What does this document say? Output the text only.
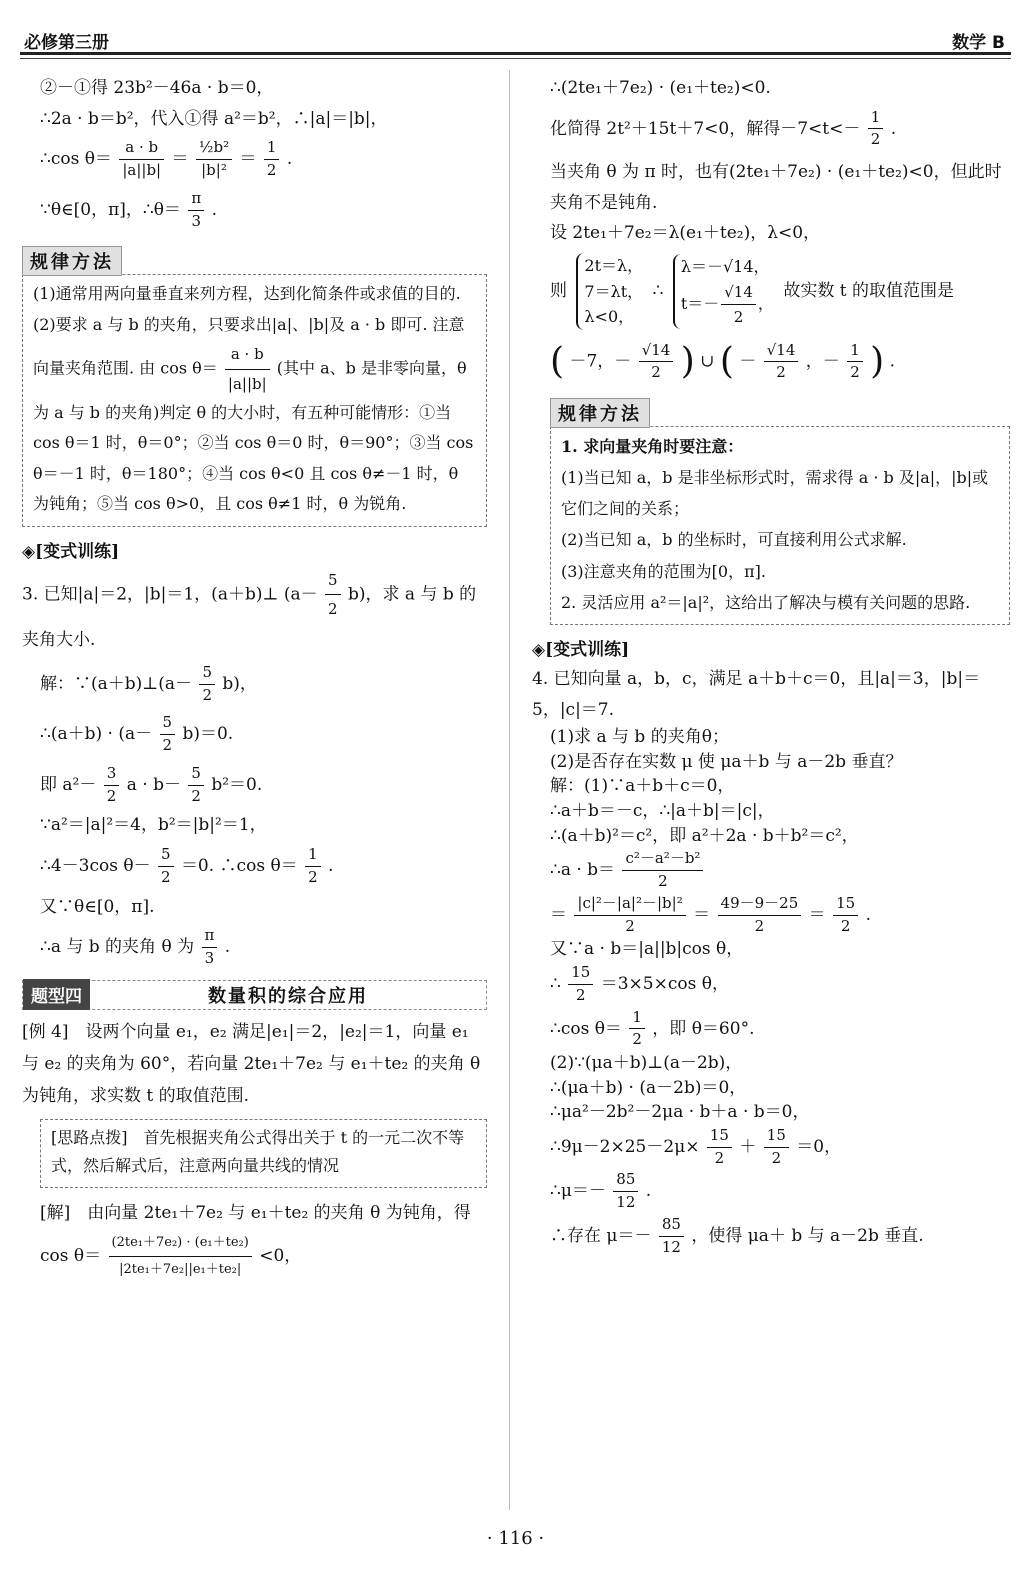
必修第三册	数学 B

②－①得 23b²－46a · b＝0，

∴2a · b＝b²，代入①得 a²＝b²，∴|a|＝|b|，

∴cos $\theta= \frac{a \cdot b}{|a||b|} = \frac{\text{½b²}}{\text{|b|²}} = \frac{1}{2}$ .

∵θ∈[0，π]，∴θ＝ $\frac{\pi}{3}$ .

规律方法

(1)通常用两向量垂直来列方程，达到化简条件或求值的目的.

(2)要求 a 与 b 的夹角，只要求出|a|、|b|及 a · b 即可. 注意向量夹角范围. 由 $\cos \theta= \frac{a \cdot b}{|a||b|}$ (其中 a、b 是非零向量，θ 为 a 与 b 的夹角)判定 θ 的大小时，有五种可能情形：①当 cos θ＝1 时，θ＝0°；②当 cos θ＝0 时，θ＝90°；③当 cos θ＝－1 时，θ＝180°；④当 cos θ<0 且 cos θ≠－1 时，θ 为钝角；⑤当 cos θ>0，且 cos θ≠1 时，θ 为锐角.

◈[变式训练]

3. 已知|a|＝2，|b|＝1，(a＋b)⊥ $(a- \frac{5}{2} b)$，求 a 与 b 的夹角大小.

解：∵(a＋b)⊥(a－ $\frac{5}{2} b$)，

∴(a＋b) · $(a- \frac{5}{2} b)=0$.

即 $a^2- \frac{3}{2}$ $a \cdot b- \frac{5}{2} b^2=0$.

∵a²＝|a|²＝4，b²＝|b|²＝1，

∴4－3cos $\theta- \frac{5}{2} =0$. ∴cos $\theta= \frac{1}{2}$ .

又∵θ∈[0，π].

∴a 与 b 的夹角 θ 为 $\frac{\pi}{3}$ .

题型四	数量积的综合应用

[例 4]　设两个向量 e₁，e₂ 满足|e₁|＝2，|e₂|＝1，向量 e₁ 与 e₂ 的夹角为 60°，若向量 2te₁＋7e₂ 与 e₁＋te₂ 的夹角 θ 为钝角，求实数 t 的取值范围.

[思路点拨]　首先根据夹角公式得出关于 t 的一元二次不等式，然后解式后，注意两向量共线的情况

[解]　由向量 2te₁＋7e₂ 与 e₁＋te₂ 的夹角 θ 为钝角，得 $\cos \theta= \frac{\text{(2te₁＋7e₂) · (e₁＋te₂)}}{\text{|2te₁＋7e₂||e₁＋te₂|}} <0$，

∴(2te₁＋7e₂) · (e₁＋te₂)<0.

化简得 2t²＋15t＋7<0，解得$-7<t<- \frac{1}{2}$ .

当夹角 θ 为 π 时，也有(2te₁＋7e₂) · (e₁＋te₂)<0，但此时夹角不是钝角.

设 2te₁＋7e₂＝λ(e₁＋te₂)，λ<0，

则
2t＝λ，
7＝λt，
λ<0，
∴
λ＝－√14，
$t=- \frac{√14}{2}$ ，
故实数 t 的取值范围是

( －7，－ $\frac{√14}{2}$ ) ∪ ( － $\frac{√14}{2}$ ，－ $\frac{1}{2}$ ) .

规律方法

1. 求向量夹角时要注意：

(1)当已知 a，b 是非坐标形式时，需求得 a · b 及|a|，|b|或它们之间的关系；

(2)当已知 a，b 的坐标时，可直接利用公式求解.

(3)注意夹角的范围为[0，π].

2. 灵活应用 a²＝|a|²，这给出了解决与模有关问题的思路.

◈[变式训练]

4. 已知向量 a，b，c，满足 a＋b＋c＝0，且|a|＝3，|b|＝5，|c|＝7.

(1)求 a 与 b 的夹角θ；

(2)是否存在实数 μ 使 μa＋b 与 a－2b 垂直？

解：(1)∵a＋b＋c＝0，

∴a＋b＝－c，∴|a＋b|＝|c|，

∴(a＋b)²＝c²，即 a²＋2a · b＋b²＝c²，

∴a · $b= \frac{\text{c²－a²－b²}}{2}$

＝ $\frac{\text{|c|²－|a|²－|b|²}}{2} = \frac{49-9-25}{2} = \frac{15}{2}$ .

又∵a · b＝|a||b|cos θ，

∴ $\frac{15}{2} =3\times 5\times\cos$ θ，

∴cos $\theta= \frac{1}{2}$ ，即 θ＝60°.

(2)∵(μa＋b)⊥(a－2b)，

∴(μa＋b) · (a－2b)＝0，

∴μa²－2b²－2μa · b＋a · b＝0，

∴9μ－2×25－2μ× $\frac{15}{2} + \frac{15}{2} =0$，

∴μ＝－ $\frac{85}{12}$ .

∴存在 $\mu=- \frac{85}{12}$ ，使得 μa＋ b 与 a－2b 垂直.

· 116 ·
